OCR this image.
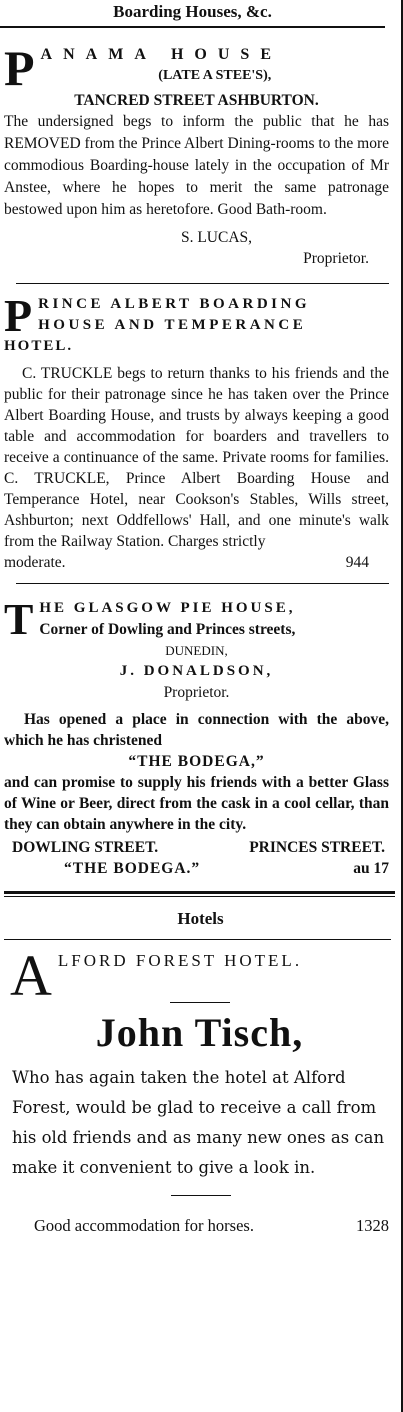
Boarding Houses, &c.
P ANAMA HOUSE
(LATE A STEE'S),
TANCRED STREET ASHBURTON.
The undersigned begs to inform the public that he has REMOVED from the Prince Albert Dining-rooms to the more commodious Boarding-house lately in the occupation of Mr Anstee, where he hopes to merit the same patronage bestowed upon him as heretofore. Good Bath-room.
S. LUCAS,
Proprietor.
P RINCE ALBERT BOARDING
HOUSE AND TEMPERANCE
HOTEL.
C. TRUCKLE begs to return thanks to his friends and the public for their patronage since he has taken over the Prince Albert Boarding House, and trusts by always keeping a good table and accommodation for boarders and travellers to receive a continuance of the same. Private rooms for families. C. TRUCKLE, Prince Albert Boarding House and Temperance Hotel, near Cookson's Stables, Wills street, Ashburton; next Oddfellows' Hall, and one minute's walk from the Railway Station. Charges strictly
moderate.	944
T HE GLASGOW PIE HOUSE,
Corner of Dowling and Princes streets,
DUNEDIN,
J. DONALDSON,
Proprietor.
Has opened a place in connection with the above, which he has christened
“THE BODEGA,”
and can promise to supply his friends with a better Glass of Wine or Beer, direct from the cask in a cool cellar, than they can obtain anywhere in the city.
DOWLING STREET.	PRINCES STREET.
“THE BODEGA.”	au 17
Hotels
A LFORD FOREST HOTEL.
John Tisch,
Who has again taken the hotel at Alford Forest, would be glad to receive a call from his old friends and as many new ones as can make it convenient to give a look in.
Good accommodation for horses.	1328
